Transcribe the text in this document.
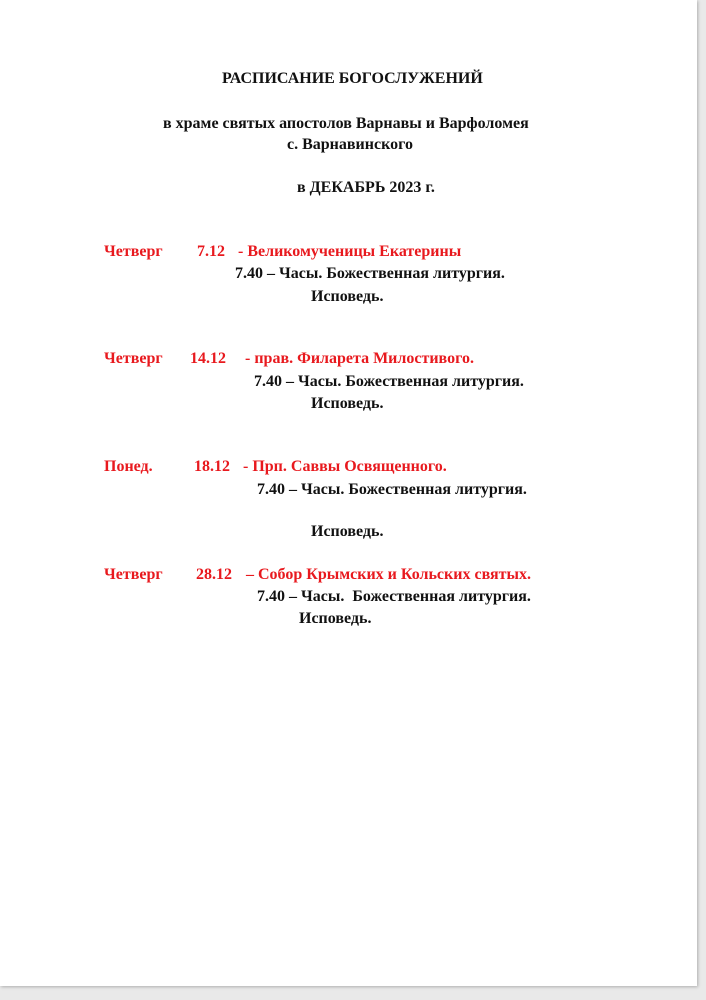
РАСПИСАНИЕ БОГОСЛУЖЕНИЙ
в храме святых апостолов Варнавы и Варфоломея
с. Варнавинского
в ДЕКАБРЬ 2023 г.
Четверг 7.12 - Великомученицы Екатерины
7.40 – Часы. Божественная литургия.
Исповедь.
Четверг 14.12 - прав. Филарета Милостивого.
7.40 – Часы. Божественная литургия.
Исповедь.
Понед.	18.12 - Прп. Саввы Освященного.
7.40 – Часы. Божественная литургия.
Исповедь.
Четверг 28.12 – Собор Крымских и Кольских святых.
7.40 – Часы.  Божественная литургия.
Исповедь.
